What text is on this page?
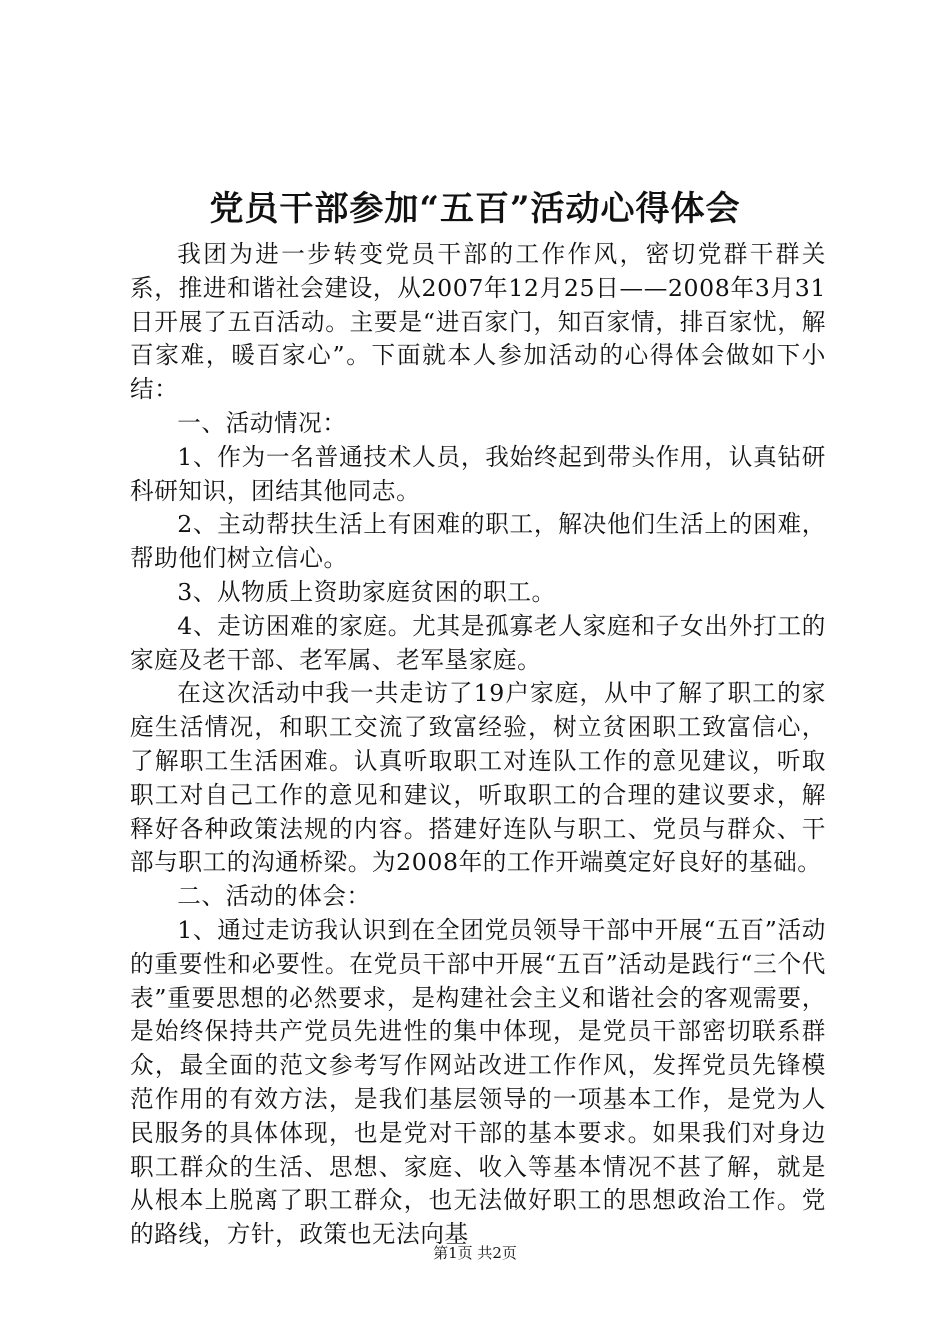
党员干部参加“五百”活动心得体会

我团为进一步转变党员干部的工作作风，密切党群干群关系，推进和谐社会建设，从2007年12月25日——2008年3月31日开展了五百活动。主要是“进百家门，知百家情，排百家忧，解百家难，暖百家心”。下面就本人参加活动的心得体会做如下小结：

一、活动情况：

1、作为一名普通技术人员，我始终起到带头作用，认真钻研科研知识，团结其他同志。

2、主动帮扶生活上有困难的职工，解决他们生活上的困难，帮助他们树立信心。

3、从物质上资助家庭贫困的职工。

4、走访困难的家庭。尤其是孤寡老人家庭和子女出外打工的家庭及老干部、老军属、老军垦家庭。

在这次活动中我一共走访了19户家庭，从中了解了职工的家庭生活情况，和职工交流了致富经验，树立贫困职工致富信心，了解职工生活困难。认真听取职工对连队工作的意见建议，听取职工对自己工作的意见和建议，听取职工的合理的建议要求，解释好各种政策法规的内容。搭建好连队与职工、党员与群众、干部与职工的沟通桥梁。为2008年的工作开端奠定好良好的基础。

二、活动的体会：

1、通过走访我认识到在全团党员领导干部中开展“五百”活动的重要性和必要性。在党员干部中开展“五百”活动是践行“三个代表”重要思想的必然要求，是构建社会主义和谐社会的客观需要，是始终保持共产党员先进性的集中体现，是党员干部密切联系群众，最全面的范文参考写作网站改进工作作风，发挥党员先锋模范作用的有效方法，是我们基层领导的一项基本工作，是党为人民服务的具体体现，也是党对干部的基本要求。如果我们对身边职工群众的生活、思想、家庭、收入等基本情况不甚了解，就是从根本上脱离了职工群众，也无法做好职工的思想政治工作。党的路线，方针，政策也无法向基

第1页 共2页
